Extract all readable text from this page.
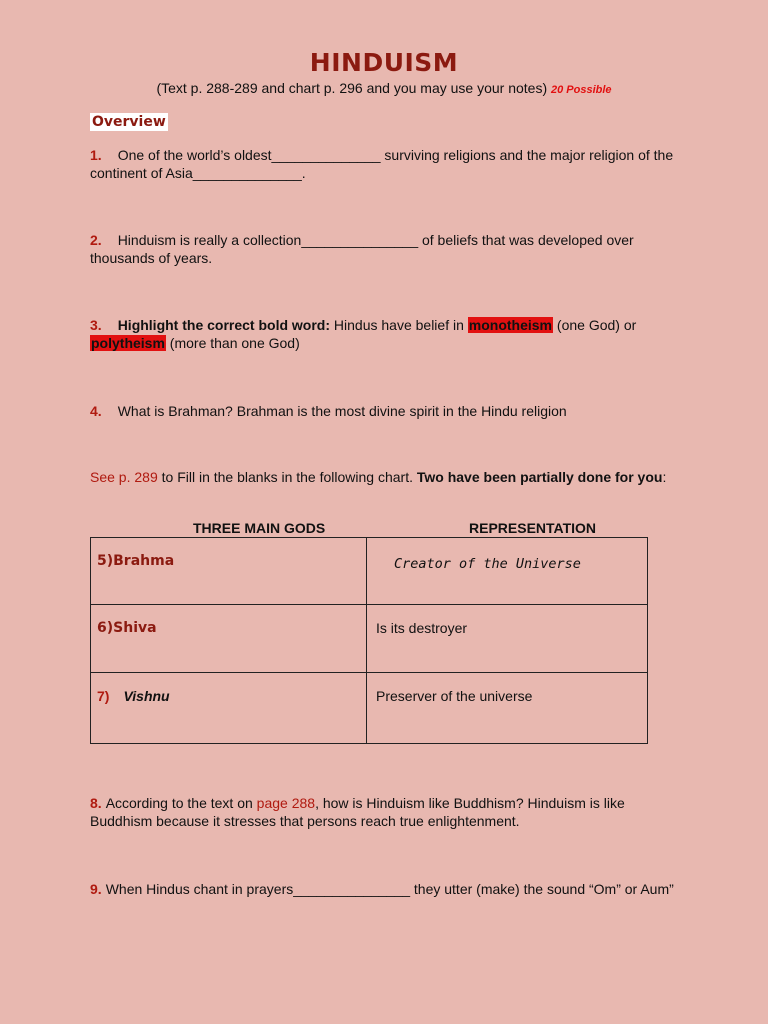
HINDUISM
(Text p. 288-289 and chart p. 296 and you may use your notes) 20 Possible
Overview
1. One of the world’s oldest______________ surviving religions and the major religion of the continent of Asia______________.
2. Hinduism is really a collection_______________ of beliefs that was developed over thousands of years.
3. Highlight the correct bold word: Hindus have belief in monotheism (one God) or polytheism (more than one God)
4. What is Brahman? Brahman is the most divine spirit in the Hindu religion
See p. 289 to Fill in the blanks in the following chart. Two have been partially done for you:
THREE MAIN GODS	REPRESENTATION
5)Brahma	Creator of the Universe

6)Shiva	Is its destroyer

7) Vishnu	Preserver of the universe
8. According to the text on page 288, how is Hinduism like Buddhism? Hinduism is like Buddhism because it stresses that persons reach true enlightenment.
9. When Hindus chant in prayers_______________ they utter (make) the sound “Om” or Aum”
